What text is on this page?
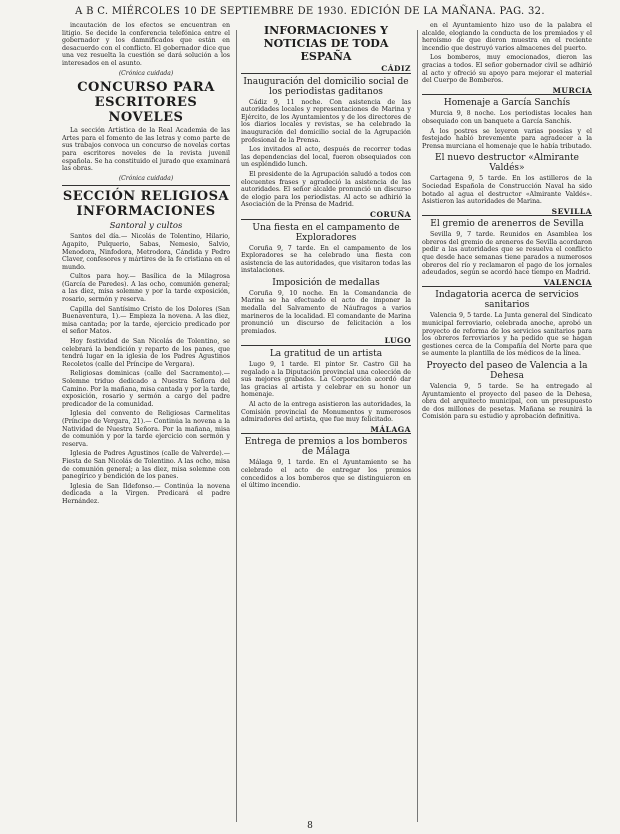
A B C. MIÉRCOLES 10 DE SEPTIEMBRE DE 1930. EDICIÓN DE LA MAÑANA. PAG. 32.

incautación de los efectos se encuentran en litigio. Se decide la conferencia telefónica entre el gobernador y los damnificados que están en desacuerdo con el conflicto. El gobernador dice que una vez resuelta la cuestión se dará solución a los interesados en el asunto.

(Crónica cuidada)
CONCURSO PARA ESCRITORES NOVELES

La sección Artística de la Real Academia de las Artes para el fomento de las letras y como parte de sus trabajos convoca un concurso de novelas cortas para escritores noveles de la revista juvenil española. Se ha constituido el jurado que examinará las obras.

(Crónica cuidada)
SECCIÓN RELIGIOSA INFORMACIONES
Santoral y cultos

Santos del día.— Nicolás de Tolentino, Hilario, Agapito, Pulquerio, Sabas, Nemesio, Salvio, Menodora, Ninfodora, Metrodora, Cándida y Pedro Claver, confesores y mártires de la fe cristiana en el mundo.

Cultos para hoy.— Basílica de la Milagrosa (García de Paredes). A las ocho, comunión general; a las diez, misa solemne y por la tarde exposición, rosario, sermón y reserva.

Capilla del Santísimo Cristo de los Dolores (San Buenaventura, 1).— Empieza la novena. A las diez, misa cantada; por la tarde, ejercicio predicado por el señor Matos.

Hoy festividad de San Nicolás de Tolentino, se celebrará la bendición y reparto de los panes, que tendrá lugar en la iglesia de los Padres Agustinos Recoletos (calle del Príncipe de Vergara).

Religiosas dominicas (calle del Sacramento).— Solemne triduo dedicado a Nuestra Señora del Camino. Por la mañana, misa cantada y por la tarde, exposición, rosario y sermón a cargo del padre predicador de la comunidad.

Iglesia del convento de Religiosas Carmelitas (Príncipe de Vergara, 21).— Continúa la novena a la Natividad de Nuestra Señora. Por la mañana, misa de comunión y por la tarde ejercicio con sermón y reserva.

Iglesia de Padres Agustinos (calle de Valverde).— Fiesta de San Nicolás de Tolentino. A las ocho, misa de comunión general; a las diez, misa solemne con panegírico y bendición de los panes.

Iglesia de San Ildefonso.— Continúa la novena dedicada a la Virgen. Predicará el padre Hernández.

INFORMACIONES Y NOTICIAS DE TODA ESPAÑA
CÁDIZ
Inauguración del domicilio social de los periodistas gaditanos

Cádiz 9, 11 noche. Con asistencia de las autoridades locales y representaciones de Marina y Ejército, de los Ayuntamientos y de los directores de los diarios locales y revistas, se ha celebrado la inauguración del domicilio social de la Agrupación profesional de la Prensa.

Los invitados al acto, después de recorrer todas las dependencias del local, fueron obsequiados con un espléndido lunch.

El presidente de la Agrupación saludó a todos con elocuentes frases y agradeció la asistencia de las autoridades. El señor alcalde pronunció un discurso de elogio para los periodistas. Al acto se adhirió la Asociación de la Prensa de Madrid.

CORUÑA
Una fiesta en el campamento de Exploradores

Coruña 9, 7 tarde. En el campamento de los Exploradores se ha celebrado una fiesta con asistencia de las autoridades, que visitaron todas las instalaciones.

Imposición de medallas

Coruña 9, 10 noche. En la Comandancia de Marina se ha efectuado el acto de imponer la medalla del Salvamento de Náufragos a varios marineros de la localidad. El comandante de Marina pronunció un discurso de felicitación a los premiados.

LUGO
La gratitud de un artista

Lugo 9, 1 tarde. El pintor Sr. Castro Gil ha regalado a la Diputación provincial una colección de sus mejores grabados. La Corporación acordó dar las gracias al artista y celebrar en su honor un homenaje.

Al acto de la entrega asistieron las autoridades, la Comisión provincial de Monumentos y numerosos admiradores del artista, que fue muy felicitado.

MÁLAGA
Entrega de premios a los bomberos de Málaga

Málaga 9, 1 tarde. En el Ayuntamiento se ha celebrado el acto de entregar los premios concedidos a los bomberos que se distinguieron en el último incendio.

en el Ayuntamiento hizo uso de la palabra el alcalde, elogiando la conducta de los premiados y el heroísmo de que dieron muestra en el reciente incendio que destruyó varios almacenes del puerto.

Los bomberos, muy emocionados, dieron las gracias a todos. El señor gobernador civil se adhirió al acto y ofreció su apoyo para mejorar el material del Cuerpo de Bomberos.

MURCIA
Homenaje a García Sanchís

Murcia 9, 8 noche. Los periodistas locales han obsequiado con un banquete a García Sanchís.

A los postres se leyeron varias poesías y el festejado habló brevemente para agradecer a la Prensa murciana el homenaje que le había tributado.

El nuevo destructor «Almirante Valdés»

Cartagena 9, 5 tarde. En los astilleros de la Sociedad Española de Construcción Naval ha sido botado al agua el destructor «Almirante Valdés». Asistieron las autoridades de Marina.

SEVILLA
El gremio de arenerros de Sevilla

Sevilla 9, 7 tarde. Reunidos en Asamblea los obreros del gremio de areneros de Sevilla acordaron pedir a las autoridades que se resuelva el conflicto que desde hace semanas tiene parados a numerosos obreros del río y reclamaron el pago de los jornales adeudados, según se acordó hace tiempo en Madrid.

VALENCIA
Indagatoria acerca de servicios sanitarios

Valencia 9, 5 tarde. La Junta general del Sindicato municipal ferroviario, celebrada anoche, aprobó un proyecto de reforma de los servicios sanitarios para los obreros ferroviarios y ha pedido que se hagan gestiones cerca de la Compañía del Norte para que se aumente la plantilla de los médicos de la línea.

Proyecto del paseo de Valencia a la Dehesa

Valencia 9, 5 tarde. Se ha entregado al Ayuntamiento el proyecto del paseo de la Dehesa, obra del arquitecto municipal, con un presupuesto de dos millones de pesetas. Mañana se reunirá la Comisión para su estudio y aprobación definitiva.

8
